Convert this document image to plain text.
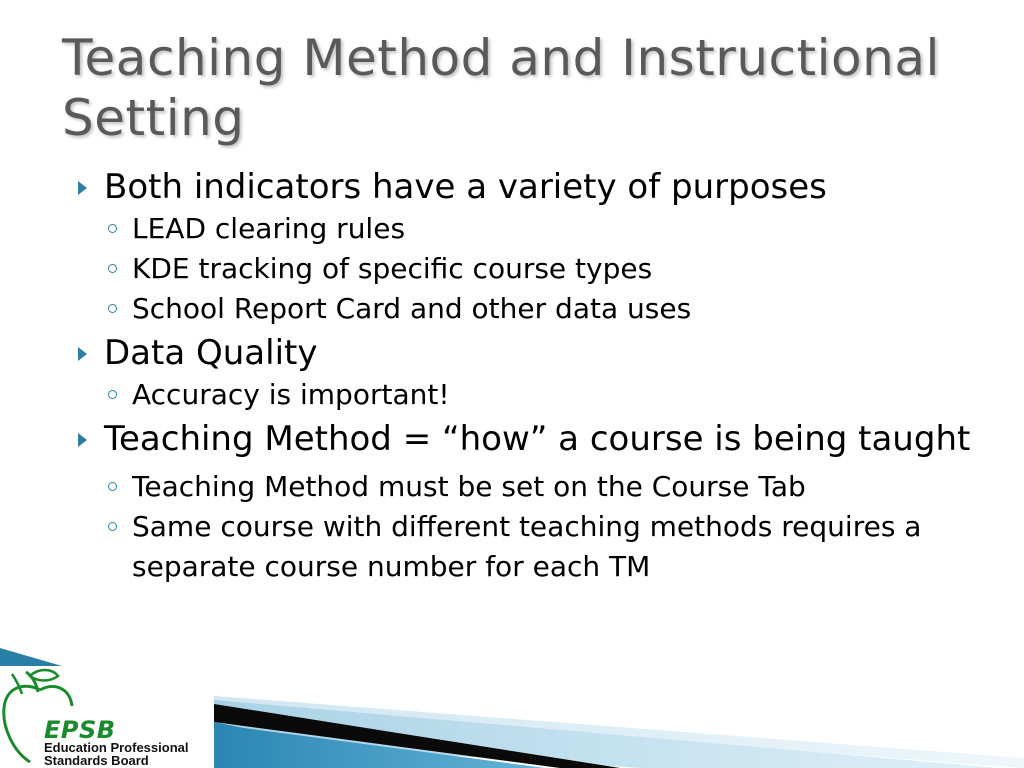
Teaching Method and Instructional Setting
Both indicators have a variety of purposes
LEAD clearing rules
KDE tracking of specific course types
School Report Card and other data uses
Data Quality
Accuracy is important!
Teaching Method = “how” a course is being taught
Teaching Method must be set on the Course Tab
Same course with different teaching methods requires a separate course number for each TM
EPSB
Education Professional
Standards Board
